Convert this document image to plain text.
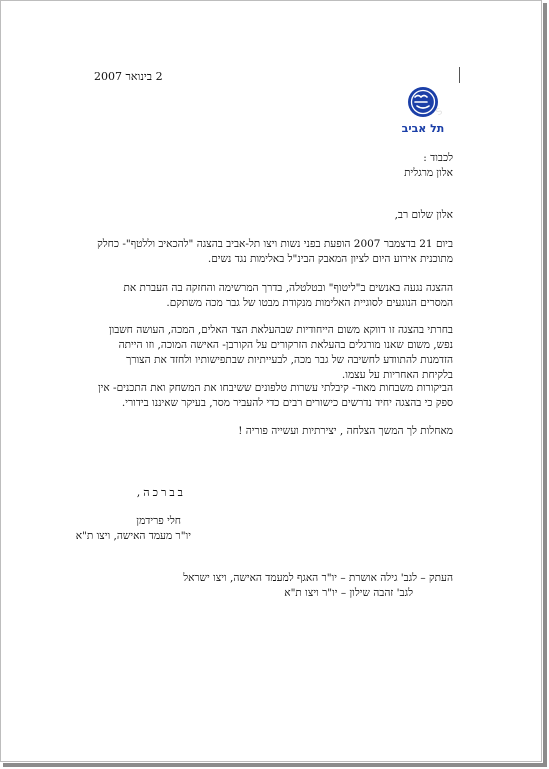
2 בינואר 2007
S
תל אביב
לכבוד :
אלון מרגלית
אלון שלום רב,

ביום 21 בדצמבר 2007 הופעת בפני נשות ויצו תל-אביב בהצגה "להכאיב וללטף"- כחלק

מתוכנית אירוע היום לציון המאבק הבינ"ל באלימות נגד נשים.

ההצגה נגעה באנשים ב"ליטוף" ובטלטלה, בדרך המרשימה והחזקה בה העברת את

המסרים הנוגעים לסוגיית האלימות מנקודת מבטו של גבר מכה משתקם.

בחרתי בהצגה זו דווקא משום הייחודיות שבהעלאת הצד האלים, המכה, העושה חשבון

נפש, משום שאנו מורגלים בהעלאת הזרקורים על הקורבן- האישה המוכה, וזו הייתה

הזדמנות להתוודע לחשיבה של גבר מכה, לבעייתיות שבתפישותיו ולחזד את הצורך

בלקיחת האחריות על עצמו.

הביקורות משבחות מאוד- קיבלתי עשרות טלפונים ששיבחו את המשחק ואת התכנים- אין

ספק כי בהצגה יחיד נדרשים כישורים רבים כדי להעביר מסר, בעיקר שאיננו בידורי.

מאחלות לך המשך הצלחה , יצירתיות ועשייה פוריה !
בברכה,
חלי פרידמן
יו"ר מעמד האישה, ויצו ת"א
העתק – לגב' גילה אושרת – יו"ר האגף למעמד האישה, ויצו ישראל
לגב' זהבה שילון – יו"ר ויצו ת"א
